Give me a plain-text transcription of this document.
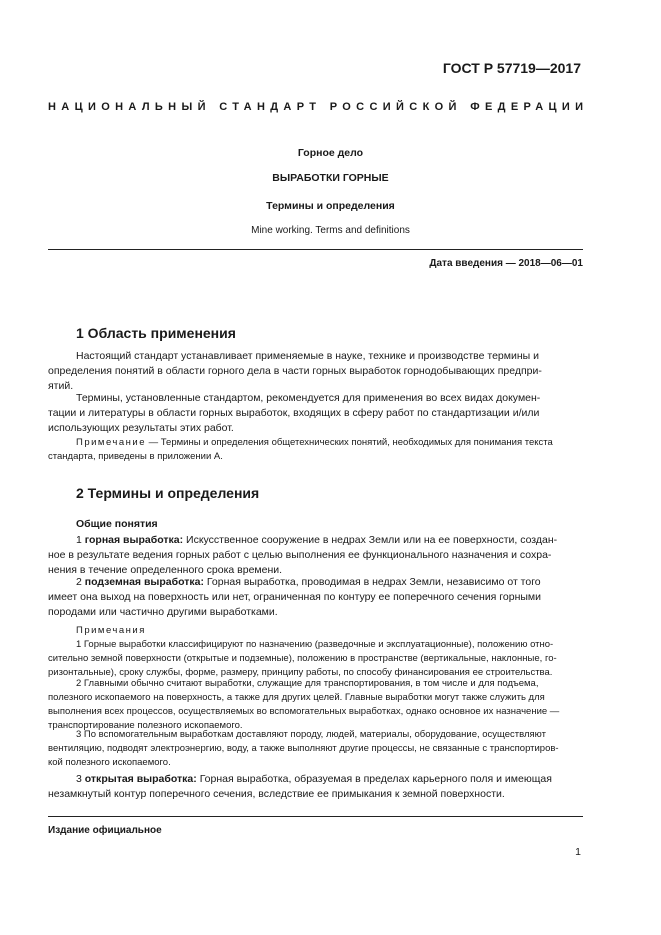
ГОСТ Р 57719—2017
НАЦИОНАЛЬНЫЙ СТАНДАРТ РОССИЙСКОЙ ФЕДЕРАЦИИ
Горное дело
ВЫРАБОТКИ ГОРНЫЕ
Термины и определения
Mine working. Terms and definitions
Дата введения — 2018—06—01
1 Область применения
Настоящий стандарт устанавливает применяемые в науке, технике и производстве термины и
определения понятий в области горного дела в части горных выработок горнодобывающих предпри-
ятий.
Термины, установленные стандартом, рекомендуется для применения во всех видах докумен-
тации и литературы в области горных выработок, входящих в сферу работ по стандартизации и/или
использующих результаты этих работ.
Примечание — Термины и определения общетехнических понятий, необходимых для понимания текста
стандарта, приведены в приложении А.
2 Термины и определения
Общие понятия
1 горная выработка: Искусственное сооружение в недрах Земли или на ее поверхности, создан-
ное в результате ведения горных работ с целью выполнения ее функционального назначения и сохра-
нения в течение определенного срока времени.
2 подземная выработка: Горная выработка, проводимая в недрах Земли, независимо от того
имеет она выход на поверхность или нет, ограниченная по контуру ее поперечного сечения горными
породами или частично другими выработками.
Примечания
1 Горные выработки классифицируют по назначению (разведочные и эксплуатационные), положению отно-
сительно земной поверхности (открытые и подземные), положению в пространстве (вертикальные, наклонные, го-
ризонтальные), сроку службы, форме, размеру, принципу работы, по способу финансирования ее строительства.
2 Главными обычно считают выработки, служащие для транспортирования, в том числе и для подъема,
полезного ископаемого на поверхность, а также для других целей. Главные выработки могут также служить для
выполнения всех процессов, осуществляемых во вспомогательных выработках, однако основное их назначение —
транспортирование полезного ископаемого.
3 По вспомогательным выработкам доставляют породу, людей, материалы, оборудование, осуществляют
вентиляцию, подводят электроэнергию, воду, а также выполняют другие процессы, не связанные с транспортиров-
кой полезного ископаемого.
3 открытая выработка: Горная выработка, образуемая в пределах карьерного поля и имеющая
незамкнутый контур поперечного сечения, вследствие ее примыкания к земной поверхности.
Издание официальное
1
